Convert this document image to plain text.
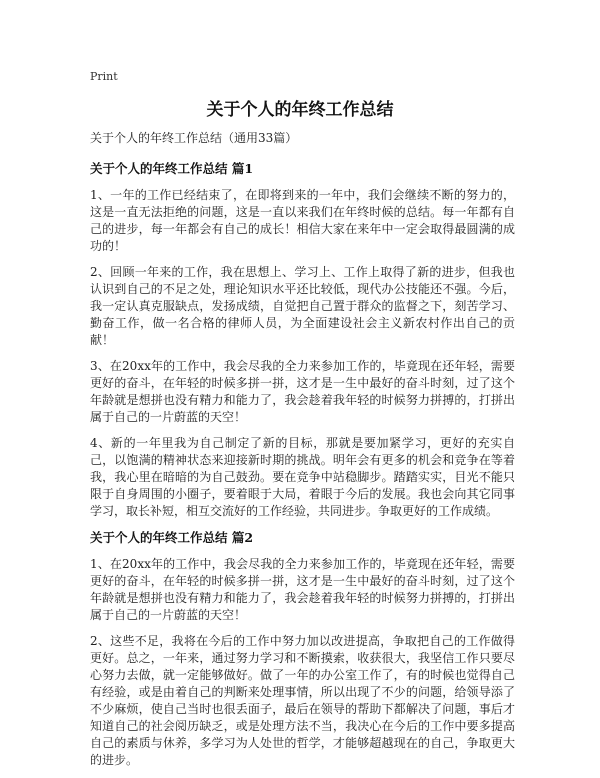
Print
关于个人的年终工作总结

关于个人的年终工作总结（通用33篇）

关于个人的年终工作总结 篇1

1、一年的工作已经结束了，在即将到来的一年中，我们会继续不断的努力的，这是一直无法拒绝的问题，这是一直以来我们在年终时候的总结。每一年都有自己的进步，每一年都会有自己的成长！相信大家在来年中一定会取得最圆满的成功的！

2、回顾一年来的工作，我在思想上、学习上、工作上取得了新的进步，但我也认识到自己的不足之处，理论知识水平还比较低，现代办公技能还不强。今后，我一定认真克服缺点，发扬成绩，自觉把自己置于群众的监督之下，刻苦学习、勤奋工作，做一名合格的律师人员，为全面建设社会主义新农村作出自己的贡献！

3、在20xx年的工作中，我会尽我的全力来参加工作的，毕竟现在还年轻，需要更好的奋斗，在年轻的时候多拼一拼，这才是一生中最好的奋斗时刻，过了这个年龄就是想拼也没有精力和能力了，我会趁着我年轻的时候努力拼搏的，打拼出属于自己的一片蔚蓝的天空！

4、新的一年里我为自己制定了新的目标，那就是要加紧学习，更好的充实自己，以饱满的精神状态来迎接新时期的挑战。明年会有更多的机会和竞争在等着我，我心里在暗暗的为自己鼓劲。要在竞争中站稳脚步。踏踏实实，目光不能只限于自身周围的小圈子，要着眼于大局，着眼于今后的发展。我也会向其它同事学习，取长补短，相互交流好的工作经验，共同进步。争取更好的工作成绩。

关于个人的年终工作总结 篇2

1、在20xx年的工作中，我会尽我的全力来参加工作的，毕竟现在还年轻，需要更好的奋斗，在年轻的时候多拼一拼，这才是一生中最好的奋斗时刻，过了这个年龄就是想拼也没有精力和能力了，我会趁着我年轻的时候努力拼搏的，打拼出属于自己的一片蔚蓝的天空！

2、这些不足，我将在今后的工作中努力加以改进提高，争取把自己的工作做得更好。总之，一年来，通过努力学习和不断摸索，收获很大，我坚信工作只要尽心努力去做，就一定能够做好。做了一年的办公室工作了，有的时候也觉得自己有经验，或是由着自己的判断来处理事情，所以出现了不少的问题，给领导添了不少麻烦，使自己当时也很丢面子，最后在领导的帮助下都解决了问题，事后才知道自己的社会阅历缺乏，或是处理方法不当，我决心在今后的工作中要多提高自己的素质与休养，多学习为人处世的哲学，才能够超越现在的自己，争取更大的进步。
